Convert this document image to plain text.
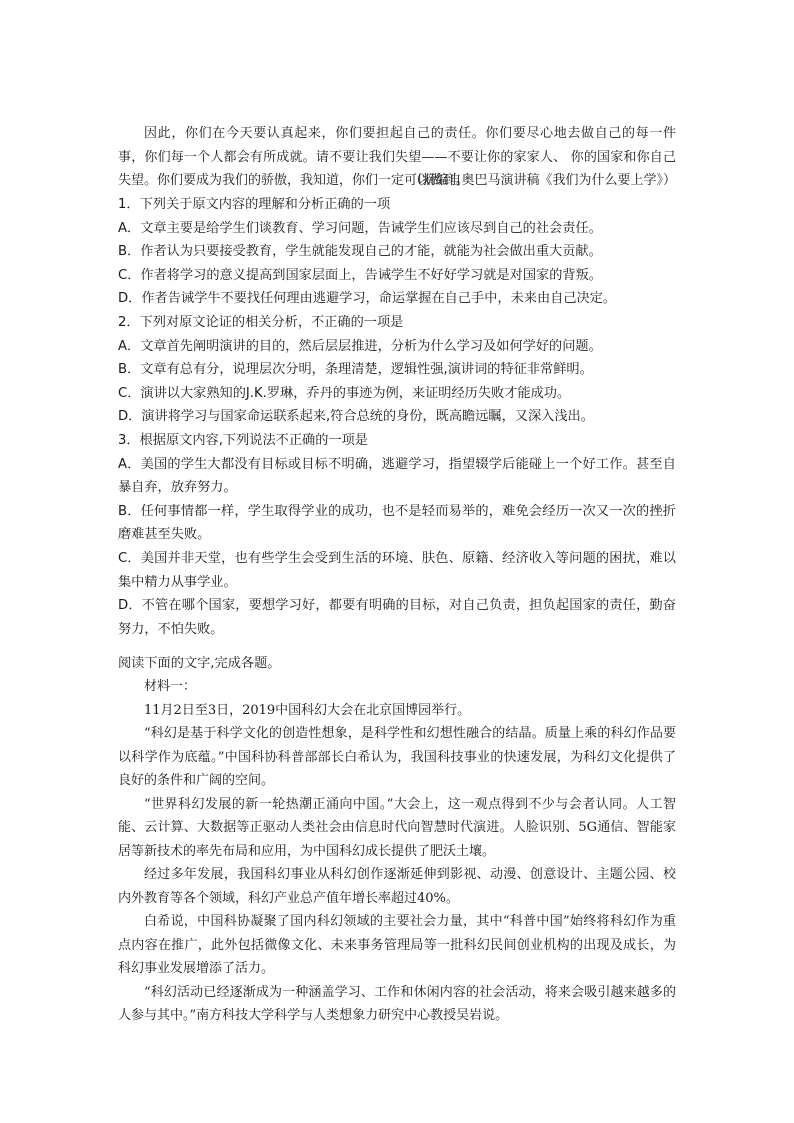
因此，你们在今天要认真起来，你们要担起自己的责任。你们要尽心地去做自己的每一件事，你们每一个人都会有所成就。请不要让我们失望——不要让你的家家人、 你的国家和你自己失望。你们要成为我们的骄傲，我知道，你们一定可以做到。

（摘编自奥巴马演讲稿《我们为什么要上学》）

1．下列关于原文内容的理解和分析正确的一项
A．文章主要是给学生们谈教育、学习问题，告诫学生们应该尽到自己的社会责任。
B．作者认为只要接受教育，学生就能发现自己的才能，就能为社会做出重大贡献。
C．作者将学习的意义提高到国家层面上，告诫学生不好好学习就是对国家的背叛。
D．作者告诫学牛不要找任何理由逃避学习，命运掌握在自己手中，未来由自己决定。
2．下列对原文论证的相关分析，不正确的一项是
A．文章首先阐明演讲的目的，然后层层推进，分析为什么学习及如何学好的问题。
B．文章有总有分，说理层次分明，条理清楚，逻辑性强,演讲词的特征非常鲜明。
C．演讲以大家熟知的J.K.罗琳，乔丹的事迹为例，来证明经历失败才能成功。
D．演讲将学习与国家命运联系起来,符合总统的身份，既高瞻远瞩，又深入浅出。
3．根据原文内容,下列说法不正确的一项是
A．美国的学生大都没有目标或目标不明确，逃避学习，指望辍学后能碰上一个好工作。甚至自暴自弃，放弃努力。
B．任何事情都一样，学生取得学业的成功，也不是轻而易举的，难免会经历一次又一次的挫折磨难甚至失败。
C．美国并非天堂，也有些学生会受到生活的环境、肤色、原籍、经济收入等问题的困扰，难以集中精力从事学业。
D．不管在哪个国家，要想学习好，都要有明确的目标，对自己负责，担负起国家的责任，勤奋努力，不怕失败。

阅读下面的文字,完成各题。

材料一：
11月2日至3日，2019中国科幻大会在北京国博园举行。
“科幻是基于科学文化的创造性想象，是科学性和幻想性融合的结晶。质量上乘的科幻作品要以科学作为底蕴。”中国科协科普部部长白希认为，我国科技事业的快速发展，为科幻文化提供了良好的条件和广阔的空间。
“世界科幻发展的新一轮热潮正涌向中国。”大会上，这一观点得到不少与会者认同。人工智能、云计算、大数据等正驱动人类社会由信息时代向智慧时代演进。人脸识别、5G通信、智能家居等新技术的率先布局和应用，为中国科幻成长提供了肥沃土壤。
经过多年发展，我国科幻事业从科幻创作逐渐延伸到影视、动漫、创意设计、主题公园、校内外教育等各个领域，科幻产业总产值年增长率超过40%。
白希说，中国科协凝聚了国内科幻领域的主要社会力量，其中“科普中国”始终将科幻作为重点内容在推广，此外包括微像文化、未来事务管理局等一批科幻民间创业机构的出现及成长，为科幻事业发展增添了活力。
“科幻活动已经逐渐成为一种涵盖学习、工作和休闲内容的社会活动，将来会吸引越来越多的人参与其中。”南方科技大学科学与人类想象力研究中心教授吴岩说。
